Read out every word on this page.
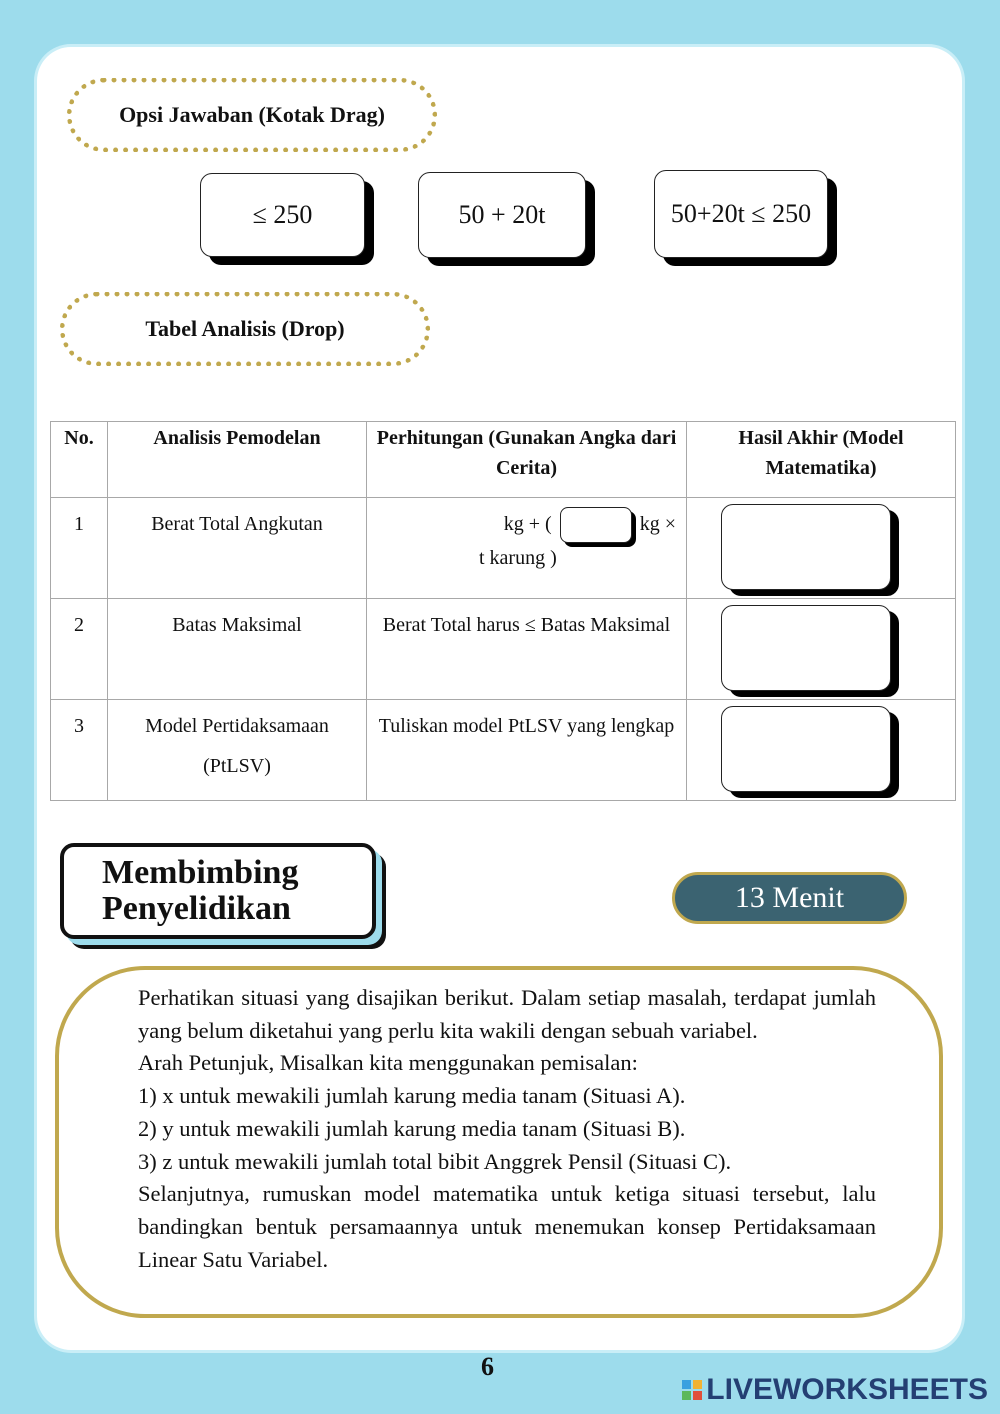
Opsi Jawaban (Kotak Drag)
≤ 250	50 + 20t	50+20t ≤ 250
Tabel Analisis (Drop)
No.	Analisis Pemodelan	Perhitungan (Gunakan Angka dari Cerita)	Hasil Akhir (Model Matematika)
1	Berat Total Angkutan	kg + ( kg ×
t karung )	

2	Batas Maksimal	Berat Total harus ≤ Batas Maksimal	

3	Model Pertidaksamaan (PtLSV)	Tuliskan model PtLSV yang lengkap	
Membimbing
Penyelidikan	13 Menit

Perhatikan situasi yang disajikan berikut. Dalam setiap masalah, terdapat jumlah yang belum diketahui yang perlu kita wakili dengan sebuah variabel.

Arah Petunjuk, Misalkan kita menggunakan pemisalan:

1) x untuk mewakili jumlah karung media tanam (Situasi A).

2) y untuk mewakili jumlah karung media tanam (Situasi B).

3) z untuk mewakili jumlah total bibit Anggrek Pensil (Situasi C).

Selanjutnya, rumuskan model matematika untuk ketiga situasi tersebut, lalu bandingkan bentuk persamaannya untuk menemukan konsep Pertidaksamaan Linear Satu Variabel.

6
LIVEWORKSHEETS
